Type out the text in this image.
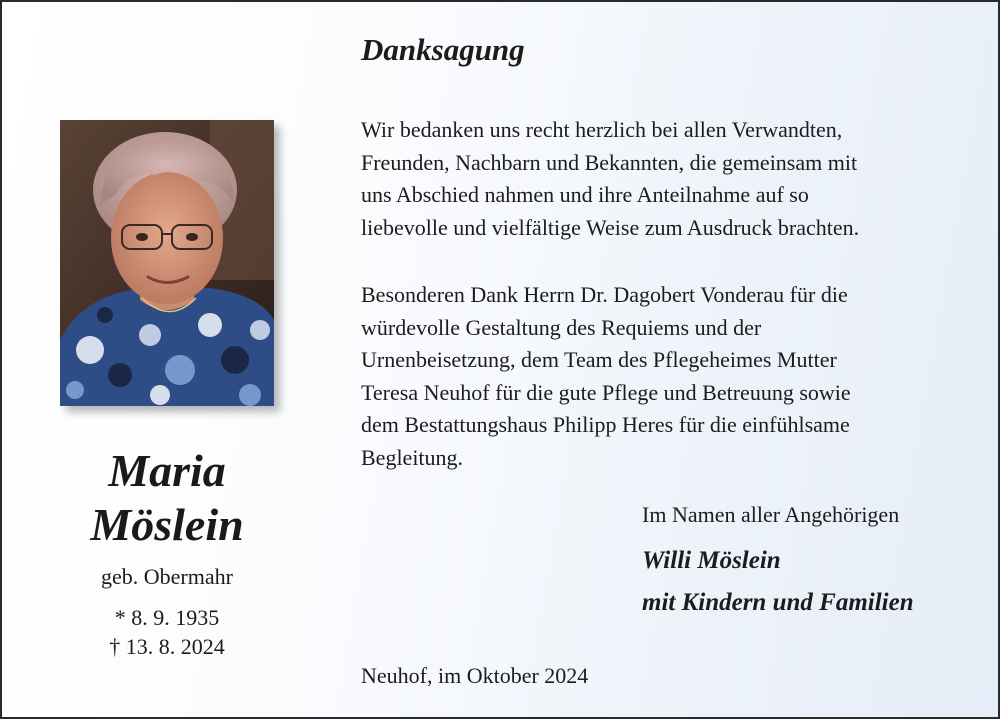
Maria
Möslein
geb. Obermahr
* 8. 9. 1935
† 13. 8. 2024
Danksagung
Wir bedanken uns recht herzlich bei allen Verwandten,
Freunden, Nachbarn und Bekannten, die gemeinsam mit
uns Abschied nahmen und ihre Anteilnahme auf so
liebevolle und vielfältige Weise zum Ausdruck brachten.
Besonderen Dank Herrn Dr. Dagobert Vonderau für die
würdevolle Gestaltung des Requiems und der
Urnenbeisetzung, dem Team des Pflegeheimes Mutter
Teresa Neuhof für die gute Pflege und Betreuung sowie
dem Bestattungshaus Philipp Heres für die einfühlsame
Begleitung.
Im Namen aller Angehörigen
Willi Möslein
mit Kindern und Familien
Neuhof, im Oktober 2024
